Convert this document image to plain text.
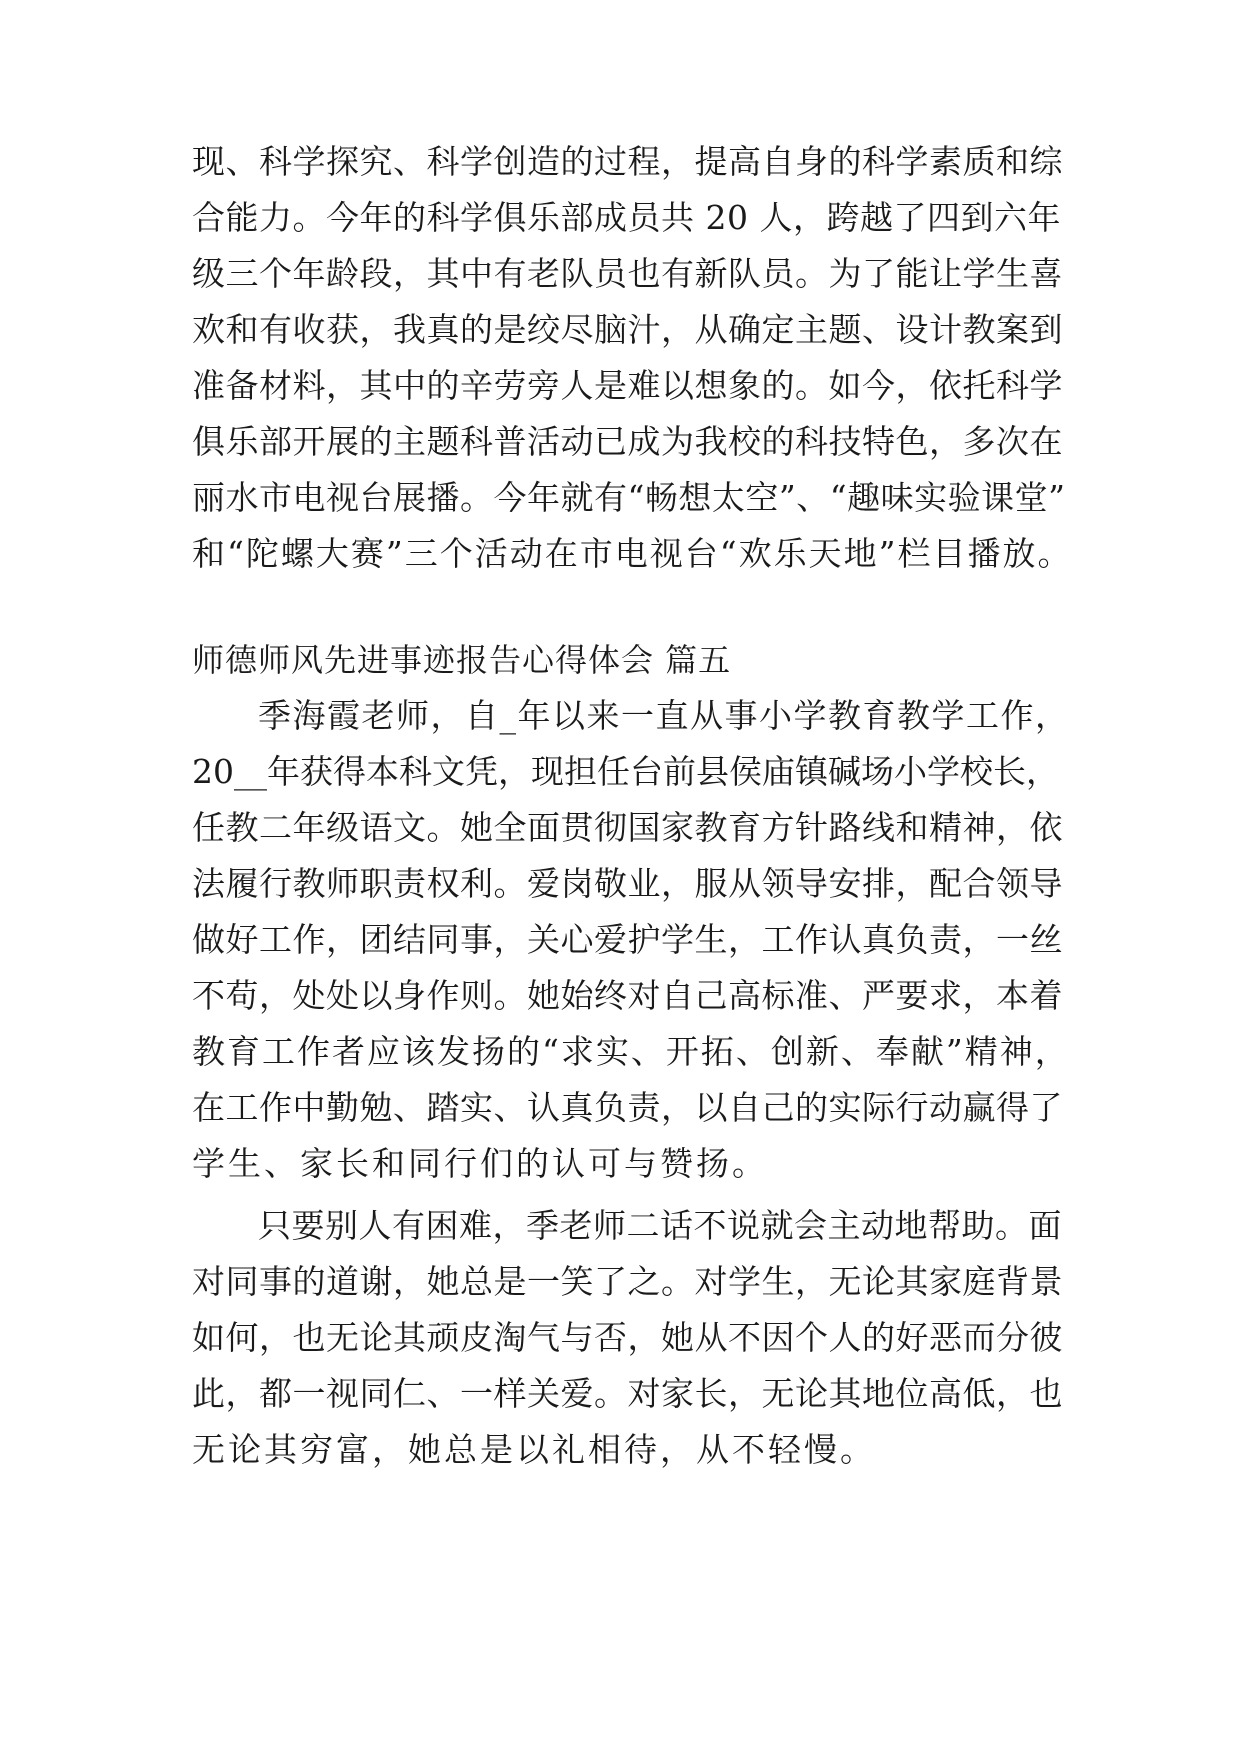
现、科学探究、科学创造的过程，提高自身的科学素质和综
合能力。今年的科学俱乐部成员共 20 人，跨越了四到六年
级三个年龄段，其中有老队员也有新队员。为了能让学生喜
欢和有收获，我真的是绞尽脑汁，从确定主题、设计教案到
准备材料，其中的辛劳旁人是难以想象的。如今，依托科学
俱乐部开展的主题科普活动已成为我校的科技特色，多次在
丽水市电视台展播。今年就有“畅想太空”、“趣味实验课堂”
和“陀螺大赛”三个活动在市电视台“欢乐天地”栏目播放。
师德师风先进事迹报告心得体会 篇五
季海霞老师，自_年以来一直从事小学教育教学工作，
20__年获得本科文凭，现担任台前县侯庙镇碱场小学校长，
任教二年级语文。她全面贯彻国家教育方针路线和精神，依
法履行教师职责权利。爱岗敬业，服从领导安排，配合领导
做好工作，团结同事，关心爱护学生，工作认真负责，一丝
不苟，处处以身作则。她始终对自己高标准、严要求，本着
教育工作者应该发扬的“求实、开拓、创新、奉献”精神，
在工作中勤勉、踏实、认真负责，以自己的实际行动赢得了
学生、家长和同行们的认可与赞扬。
只要别人有困难，季老师二话不说就会主动地帮助。面
对同事的道谢，她总是一笑了之。对学生，无论其家庭背景
如何，也无论其顽皮淘气与否，她从不因个人的好恶而分彼
此，都一视同仁、一样关爱。对家长，无论其地位高低，也
无论其穷富，她总是以礼相待，从不轻慢。
